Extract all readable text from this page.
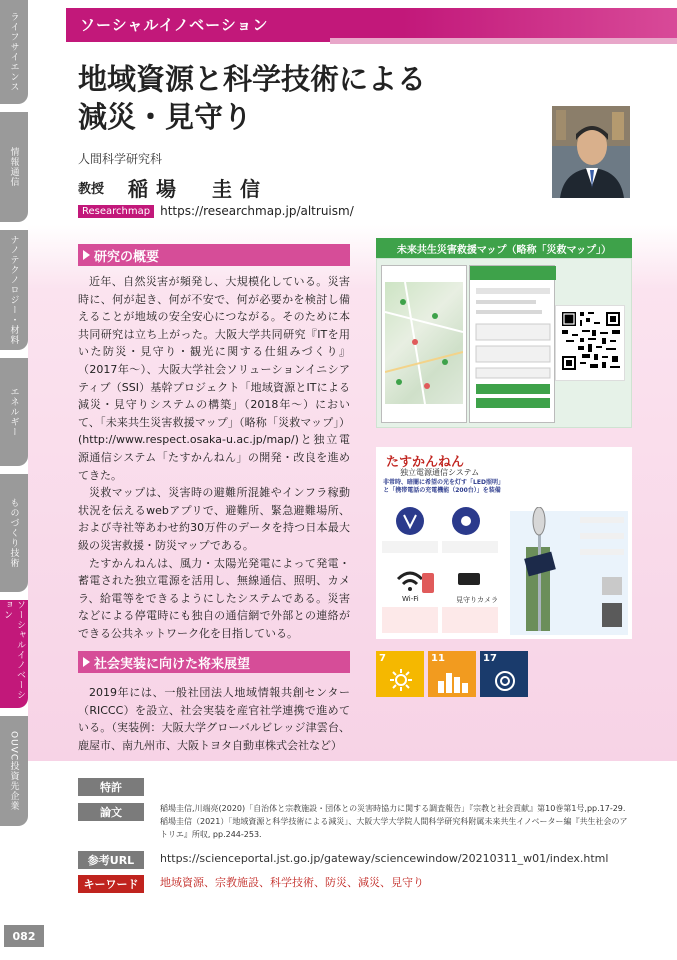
ライフサイエンス
情報通信
ナノテクノロジー・材料
エネルギー
ものづくり技術
ソーシャルイノベーション
OUVC投資先企業
ソーシャルイノベーション
地域資源と科学技術による
減災・見守り
人間科学研究科
教授 稲場　圭信
Researchmap https://researchmap.jp/altruism/
研究の概要

近年、自然災害が頻発し、大規模化している。災害時に、何が起き、何が不安で、何が必要かを検討し備えることが地域の安全安心につながる。そのために本共同研究は立ち上がった。大阪大学共同研究『ITを用いた防災・見守り・観光に関する仕組みづくり』（2017年〜）、大阪大学社会ソリューションイニシアティブ（SSI）基幹プロジェクト「地域資源とITによる減災・見守りシステムの構築」（2018年〜）において、「未来共生災害救援マップ」（略称「災救マップ」）(http://www.respect.osaka-u.ac.jp/map/)と独立電源通信システム「たすかんねん」の開発・改良を進めてきた。

災救マップは、災害時の避難所混雑やインフラ稼動状況を伝えるwebアプリで、避難所、緊急避難場所、および寺社等あわせ約30万件のデータを持つ日本最大級の災害救援・防災マップである。

たすかんねんは、風力・太陽光発電によって発電・蓄電された独立電源を活用し、無線通信、照明、カメラ、給電等をできるようにしたシステムである。災害などによる停電時にも独自の通信網で外部との連絡ができる公共ネットワーク化を目指している。

社会実装に向けた将来展望

2019年には、一般社団法人地域情報共創センター（RICCC）を設立、社会実装を産官社学連携で進めている。（実装例：大阪大学グローバルビレッジ津雲台、鹿屋市、南九州市、大阪トヨタ自動車株式会社など）

未来共生災害救援マップ（略称「災救マップ」）
たすかんねん
独立電源通信システム
非常時、暗闇に希望の光を灯す「LED照明」と「携帯電話の充電機能（200台）」を装備
Wi-Fi	見守りカメラ
7	11	17
特許
論文	稲場圭信,川端亮(2020)「自治体と宗教施設・団体との災害時協力に関する調査報告」『宗教と社会貢献』第10巻第1号,pp.17-29.
稲場圭信（2021）「地域資源と科学技術による減災」、大阪大学大学院人間科学研究科附属未来共生イノベーター編『共生社会のアトリエ』所収, pp.244-253.
参考URL	https://scienceportal.jst.go.jp/gateway/sciencewindow/20210311_w01/index.html
キーワード	地域資源、宗教施設、科学技術、防災、減災、見守り
082
